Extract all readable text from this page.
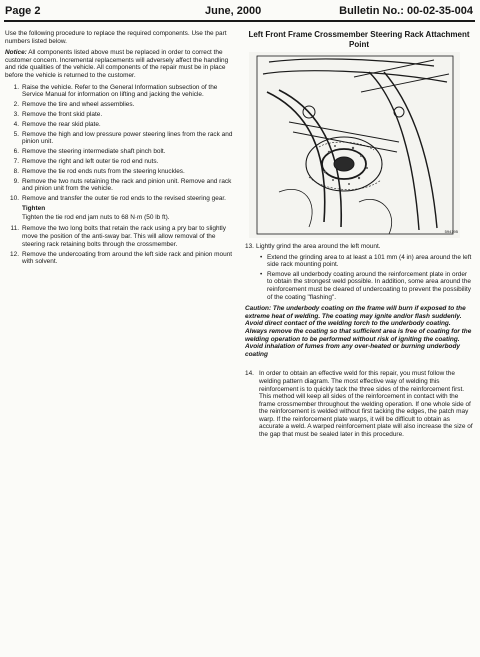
Page 2	June, 2000	Bulletin No.: 00-02-35-004

Use the following procedure to replace the required components. Use the part numbers listed below.

Notice: All components listed above must be replaced in order to correct the customer concern. Incremental replacements will adversely affect the handling and ride qualities of the vehicle. All components of the repair must be in place before the vehicle is returned to the customer.

1. Raise the vehicle. Refer to the General Information subsection of the Service Manual for information on lifting and jacking the vehicle.
2. Remove the tire and wheel assemblies.
3. Remove the front skid plate.
4. Remove the rear skid plate.
5. Remove the high and low pressure power steering lines from the rack and pinion unit.
6. Remove the steering intermediate shaft pinch bolt.
7. Remove the right and left outer tie rod end nuts.
8. Remove the tie rod ends nuts from the steering knuckles.
9. Remove the two nuts retaining the rack and pinion unit. Remove and rack and pinion unit from the vehicle.
10. Remove and transfer the outer tie rod ends to the revised steering gear.
Tighten
Tighten the tie rod end jam nuts to 68 N·m (50 lb ft).
11. Remove the two long bolts that retain the rack using a pry bar to slightly move the position of the anti-sway bar. This will allow removal of the steering rack retaining bolts through the crossmember.
12. Remove the undercoating from around the left side rack and pinion mount with solvent.
Left Front Frame Crossmember Steering Rack Attachment Point
594195
13. Lightly grind the area around the left mount.
• Extend the grinding area to at least a 101 mm (4 in) area around the left side rack mounting point.
• Remove all underbody coating around the reinforcement plate in order to obtain the strongest weld possible. In addition, some area around the reinforcement must be cleared of undercoating to prevent the possibility of the coating "flashing".
Caution: The underbody coating on the frame will burn if exposed to the extreme heat of welding. The coating may ignite and/or flash suddenly. Avoid direct contact of the welding torch to the underbody coating. Always remove the coating so that sufficient area is free of coating for the welding operation to be performed without risk of igniting the coating. Avoid inhalation of fumes from any over-heated or burning underbody coating
14. In order to obtain an effective weld for this repair, you must follow the welding pattern diagram. The most effective way of welding this reinforcement is to quickly tack the three sides of the reinforcement first. This method will keep all sides of the reinforcement in contact with the frame crossmember throughout the welding operation. If one whole side of the reinforcement is welded without first tacking the edges, the patch may warp. If the reinforcement plate warps, it will be difficult to obtain as accurate a weld. A warped reinforcement plate will also increase the size of the gap that must be sealed later in this procedure.
